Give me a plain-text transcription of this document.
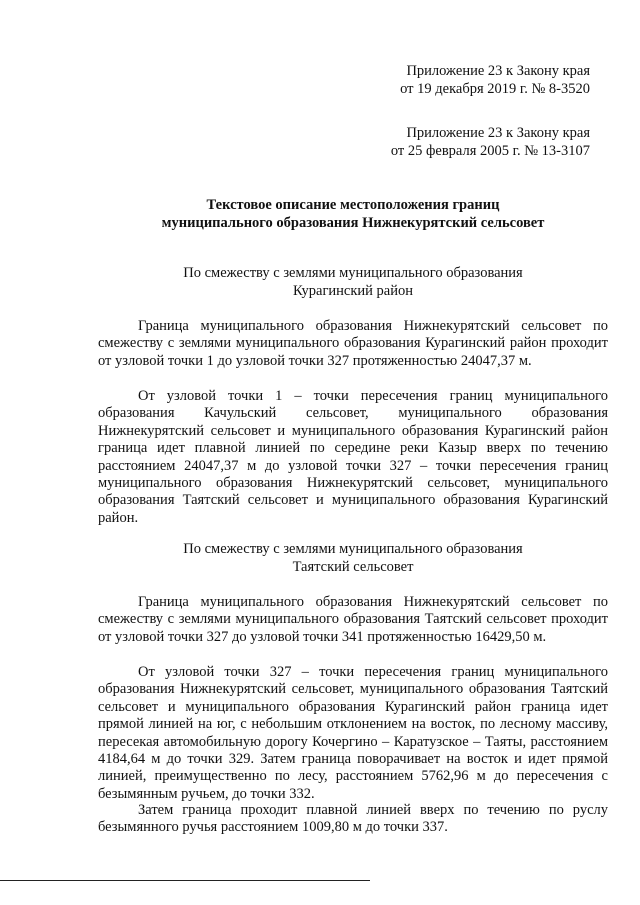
Приложение 23 к Закону края
от 19 декабря 2019 г. № 8-3520
Приложение 23 к Закону края
от 25 февраля 2005 г. № 13-3107
Текстовое описание местоположения границ
муниципального образования Нижнекурятский сельсовет
По смежеству с землями муниципального образования
Курагинский район

Граница муниципального образования Нижнекурятский сельсовет по смежеству с землями муниципального образования Курагинский район проходит от узловой точки 1 до узловой точки 327 протяженностью 24047,37 м.

От узловой точки 1 – точки пересечения границ муниципального образования Качульский сельсовет, муниципального образования Нижнекурятский сельсовет и муниципального образования Курагинский район граница идет плавной линией по середине реки Казыр вверх по течению расстоянием 24047,37 м до узловой точки 327 – точки пересечения границ муниципального образования Нижнекурятский сельсовет, муниципального образования Таятский сельсовет и муниципального образования Курагинский район.

По смежеству с землями муниципального образования
Таятский сельсовет

Граница муниципального образования Нижнекурятский сельсовет по смежеству с землями муниципального образования Таятский сельсовет проходит от узловой точки 327 до узловой точки 341 протяженностью 16429,50 м.

От узловой точки 327 – точки пересечения границ муниципального образования Нижнекурятский сельсовет, муниципального образования Таятский сельсовет и муниципального образования Курагинский район граница идет прямой линией на юг, с небольшим отклонением на восток, по лесному массиву, пересекая автомобильную дорогу Кочергино – Каратузское – Таяты, расстоянием 4184,64 м до точки 329. Затем граница поворачивает на восток и идет прямой линией, преимущественно по лесу, расстоянием 5762,96 м до пересечения с безымянным ручьем, до точки 332.

Затем граница проходит плавной линией вверх по течению по руслу безымянного ручья расстоянием 1009,80 м до точки 337.
